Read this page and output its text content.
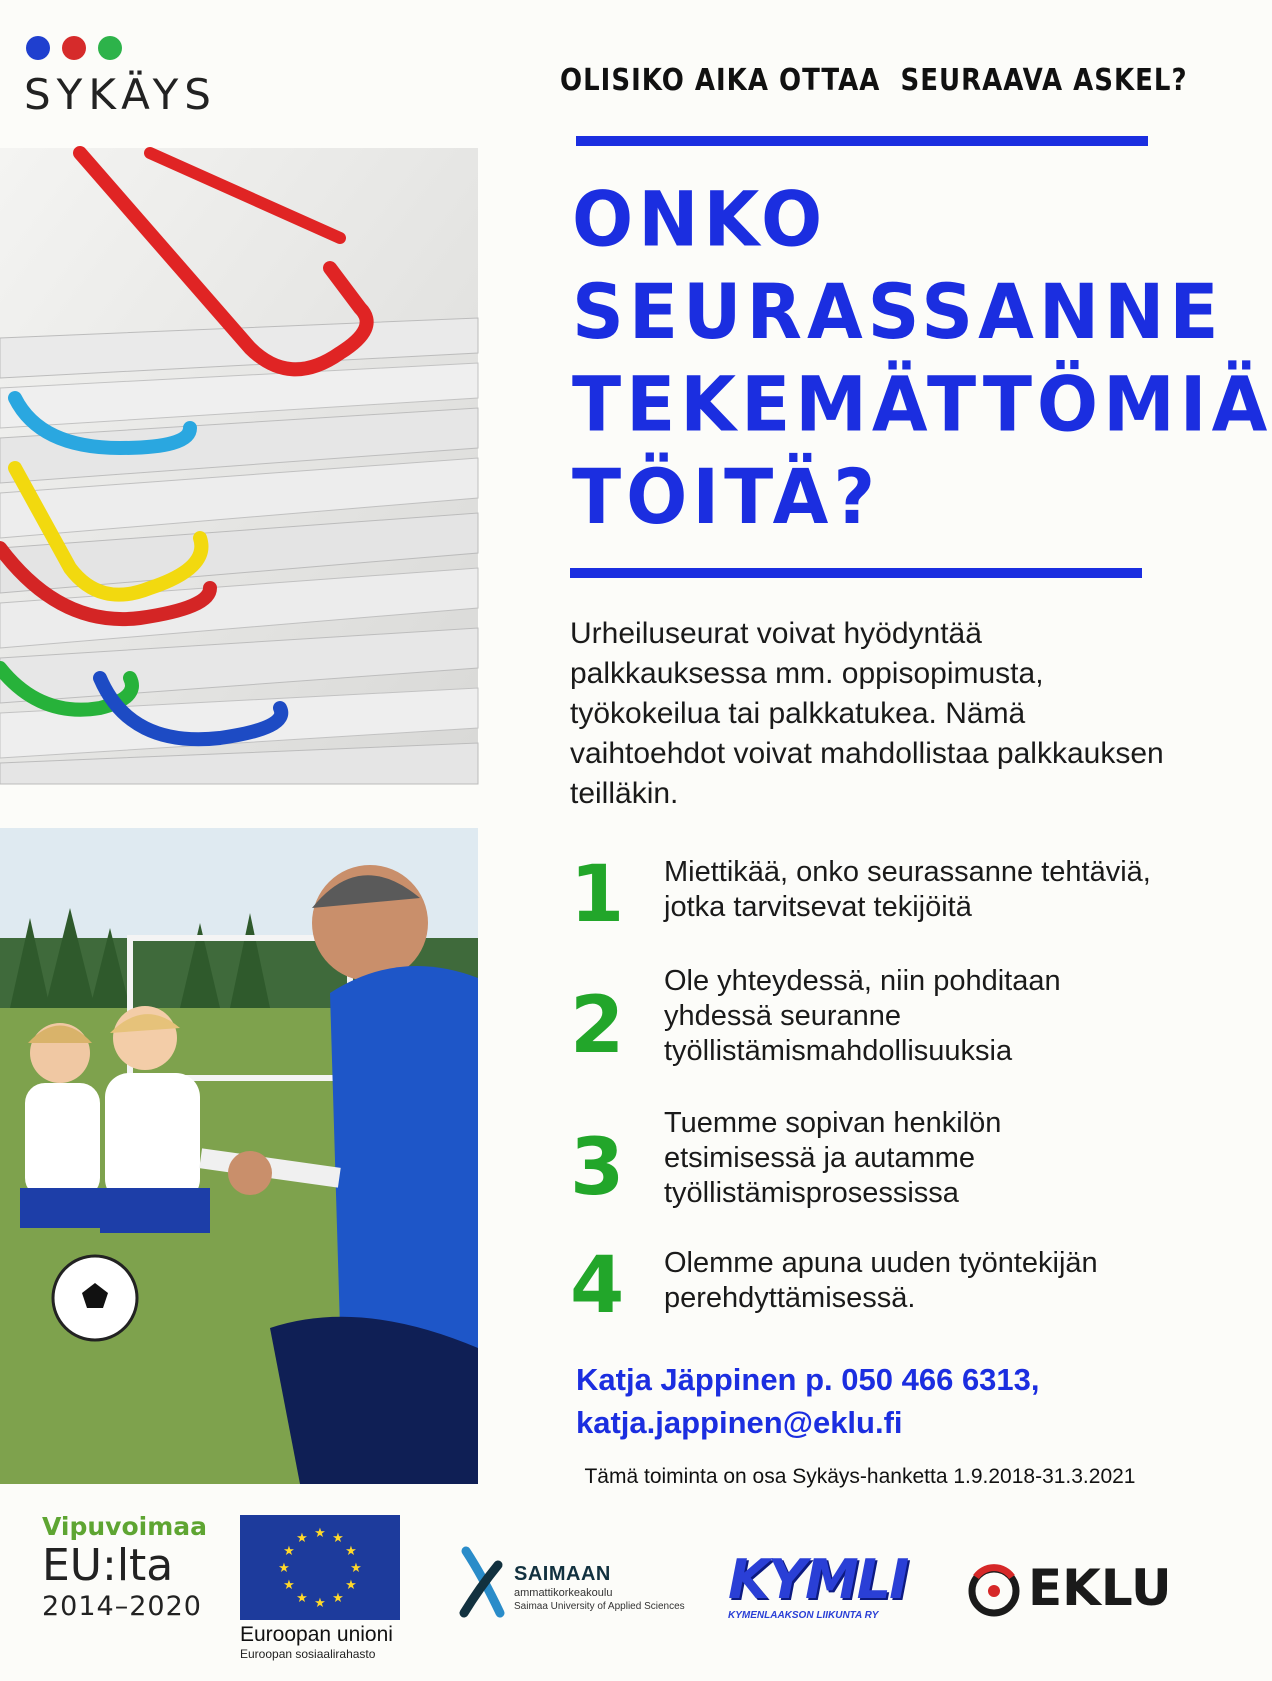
SYKÄYS	OLISIKO AIKA OTTAA  SEURAAVA ASKEL?
ONKO
SEURASSANNE
TEKEMÄTTÖMIÄ
TÖITÄ?
Urheiluseurat voivat hyödyntää palkkauksessa mm. oppisopimusta, työkokeilua tai palkkatukea. Nämä vaihtoehdot voivat mahdollistaa palkkauksen teilläkin.
1	Miettikää, onko seurassanne tehtäviä, jotka tarvitsevat tekijöitä
2	Ole yhteydessä, niin pohditaan yhdessä seuranne työllistämismahdollisuuksia
3	Tuemme sopivan henkilön etsimisessä ja autamme työllistämisprosessissa
4	Olemme apuna uuden työntekijän perehdyttämisessä.
Katja Jäppinen p. 050 466 6313,
katja.jappinen@eklu.fi
Tämä toiminta on osa Sykäys-hanketta 1.9.2018-31.3.2021
Vipuvoimaa
EU:lta
2014–2020
★ ★
★
★
★
★
★
★
★
★
★
★
Euroopan unioni
Euroopan sosiaalirahasto
SAIMAAN
ammattikorkeakoulu
Saimaa University of Applied Sciences KYMLI
KYMENLAAKSON LIIKUNTA RY	EKLU
